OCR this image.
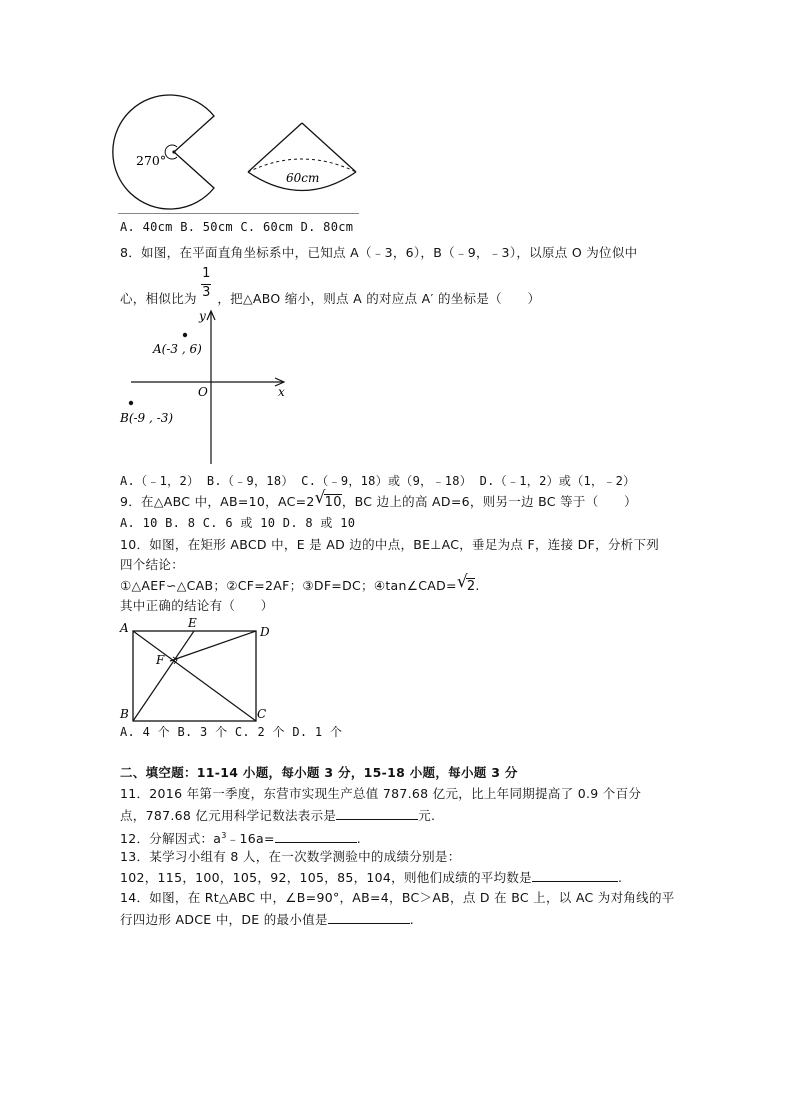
270°
60cm
A. 40cm B. 50cm C. 60cm D. 80cm
8．如图，在平面直角坐标系中，已知点 A（﹣3，6），B（﹣9，﹣3），以原点 O 为位似中
心，相似比为 $\frac{1}{3}$ ，把△ABO 缩小，则点 A 的对应点 A′ 的坐标是（　　）
y
x
O
A(-3 , 6)
B(-9 , -3)
A.（﹣1，2） B.（﹣9，18） C.（﹣9，18）或（9，﹣18） D.（﹣1，2）或（1，﹣2）
9．在△ABC 中，AB=10，AC=2 √
10，BC 边上的高 AD=6，则另一边 BC 等于（　　）
A. 10 B. 8 C. 6 或 10 D. 8 或 10
10．如图，在矩形 ABCD 中，E 是 AD 边的中点，BE⊥AC，垂足为点 F，连接 DF，分析下列
四个结论：
①△AEF∽△CAB；②CF=2AF；③DF=DC；④tan∠CAD= √
2.
其中正确的结论有（　　）
A	E
D
F
B	C
A. 4 个 B. 3 个 C. 2 个 D. 1 个
二、填空题：11-14 小题，每小题 3 分，15-18 小题，每小题 3 分
11．2016 年第一季度，东营市实现生产总值 787.68 亿元，比上年同期提高了 0.9 个百分
点，787.68 亿元用科学记数法表示是	元.
12．分解因式：$a^3﹣16a=$	.
13．某学习小组有 8 人，在一次数学测验中的成绩分别是：
102，115，100，105，92，105，85，104，则他们成绩的平均数是	.
14．如图，在 Rt△ABC 中，∠B=90°，AB=4，BC＞AB，点 D 在 BC 上，以 AC 为对角线的平
行四边形 ADCE 中，DE 的最小值是	.
